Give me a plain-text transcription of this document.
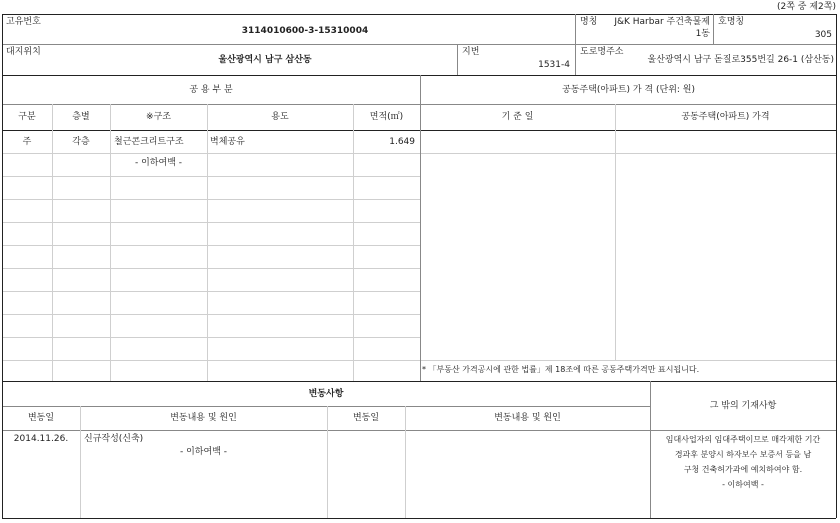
(2쪽 중 제2쪽)
고유번호
3114010600-3-15310004
명칭	J&K Harbar 주건축물제
1동
호명칭
305
대지위치
울산광역시 남구 삼산동
지번
1531-4
도로명주소
울산광역시 남구 돋질로355번길 26-1 (삼산동)
공 용 부 분	공동주택(아파트) 가 격 (단위: 원)
구분	층별	※구조	용도	면적(㎡)	기 준 일	공동주택(아파트) 가격
주	각층	철근콘크리트구조	벽체공유	1.649
- 이하여백 -
* 「부동산 가격공시에 관한 법률」제 18조에 따른 공동주택가격만 표시됩니다.
변동사항
변동일	변동내용 및 원인	변동일	변동내용 및 원인
2014.11.26.	신규작성(신축)
- 이하여백 -
그 밖의 기재사항
임대사업자의 임대주택이므로 매각제한 기간
경과후 분양시 하자보수 보증서 등을 남
구청 건축허가과에 예치하여야 함.
- 이하여백 -
